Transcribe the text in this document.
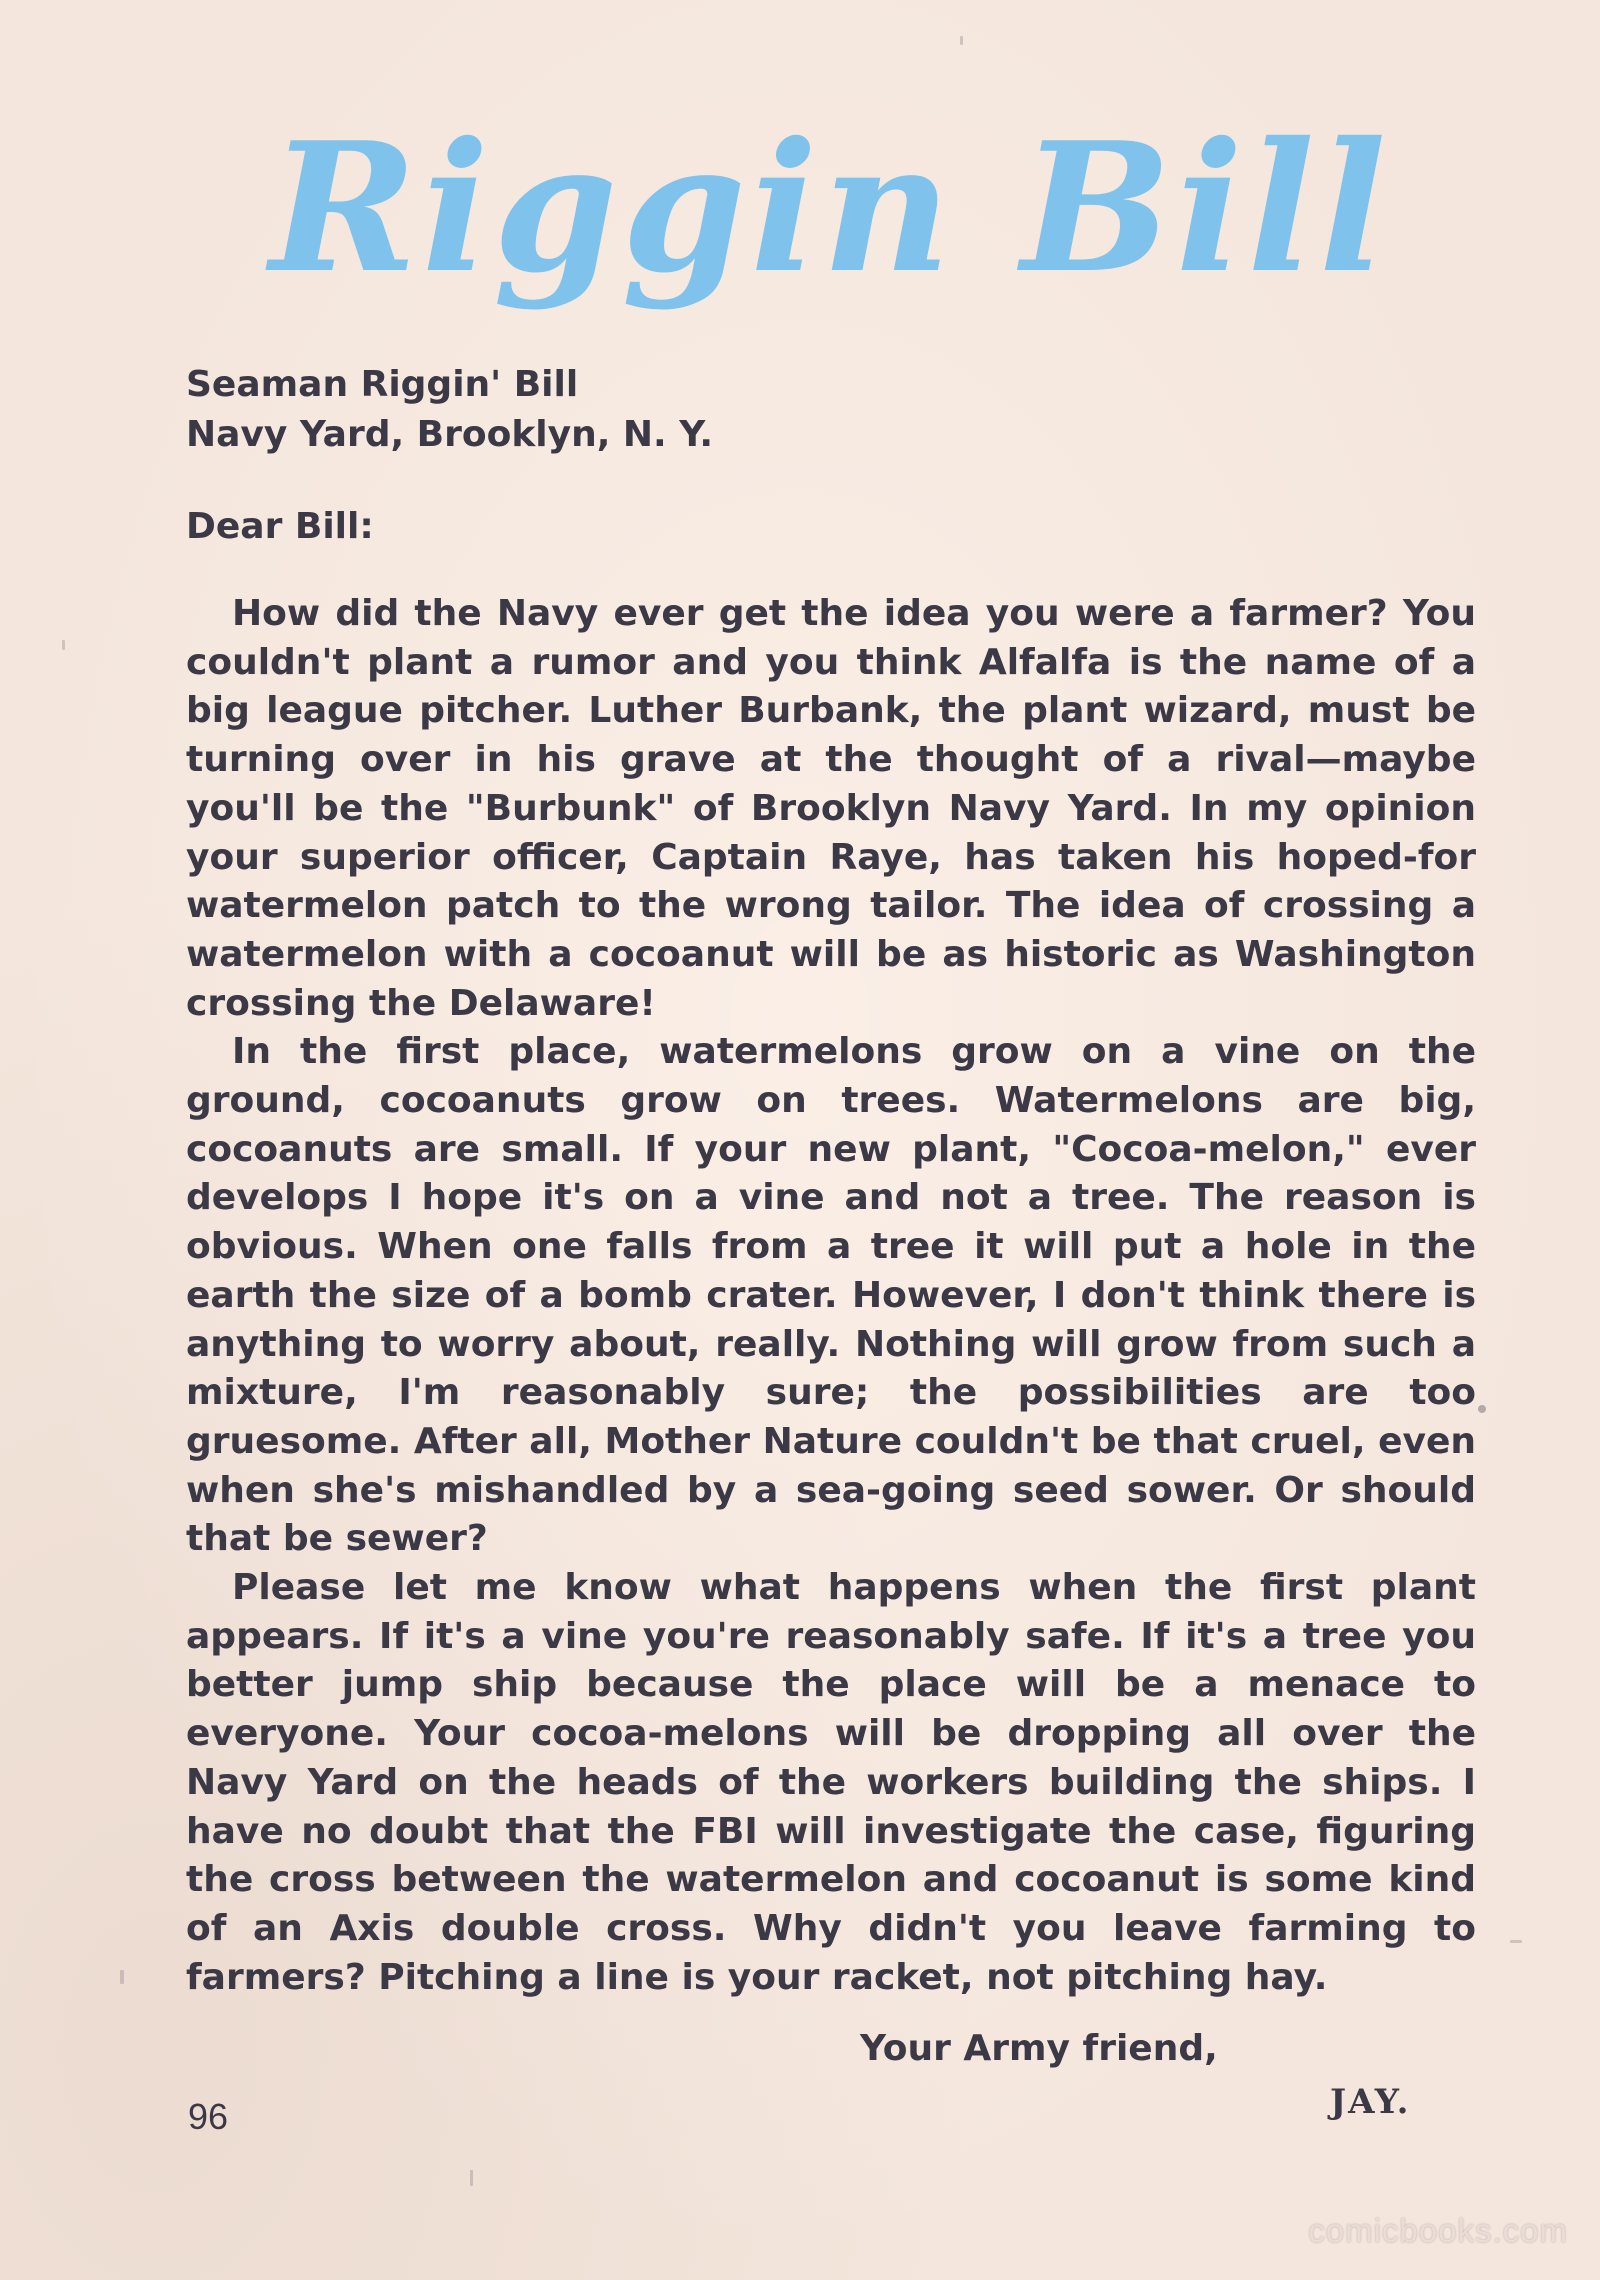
Riggin Bill

Seaman Riggin' Bill

Navy Yard, Brooklyn, N. Y.

Dear Bill:

How did the Navy ever get the idea you were a farmer? You couldn't plant a rumor and you think Alfalfa is the name of a big league pitcher. Luther Burbank, the plant wizard, must be turning over in his grave at the thought of a rival—maybe you'll be the "Burbunk" of Brooklyn Navy Yard. In my opinion your superior officer, Captain Raye, has taken his hoped-for watermelon patch to the wrong tailor. The idea of crossing a watermelon with a cocoanut will be as historic as Washington crossing the Delaware!

In the first place, watermelons grow on a vine on the ground, cocoanuts grow on trees. Watermelons are big, cocoanuts are small. If your new plant, "Cocoa-melon," ever develops I hope it's on a vine and not a tree. The reason is obvious. When one falls from a tree it will put a hole in the earth the size of a bomb crater. However, I don't think there is anything to worry about, really. Nothing will grow from such a mixture, I'm reasonably sure; the possibilities are too gruesome. After all, Mother Nature couldn't be that cruel, even when she's mishandled by a sea-going seed sower. Or should that be sewer?

Please let me know what happens when the first plant appears. If it's a vine you're reasonably safe. If it's a tree you better jump ship because the place will be a menace to everyone. Your cocoa-melons will be dropping all over the Navy Yard on the heads of the workers building the ships. I have no doubt that the FBI will investigate the case, figuring the cross between the watermelon and cocoanut is some kind of an Axis double cross. Why didn't you leave farming to farmers? Pitching a line is your racket, not pitching hay.

Your Army friend,
JAY.
96
comicbooks.com
